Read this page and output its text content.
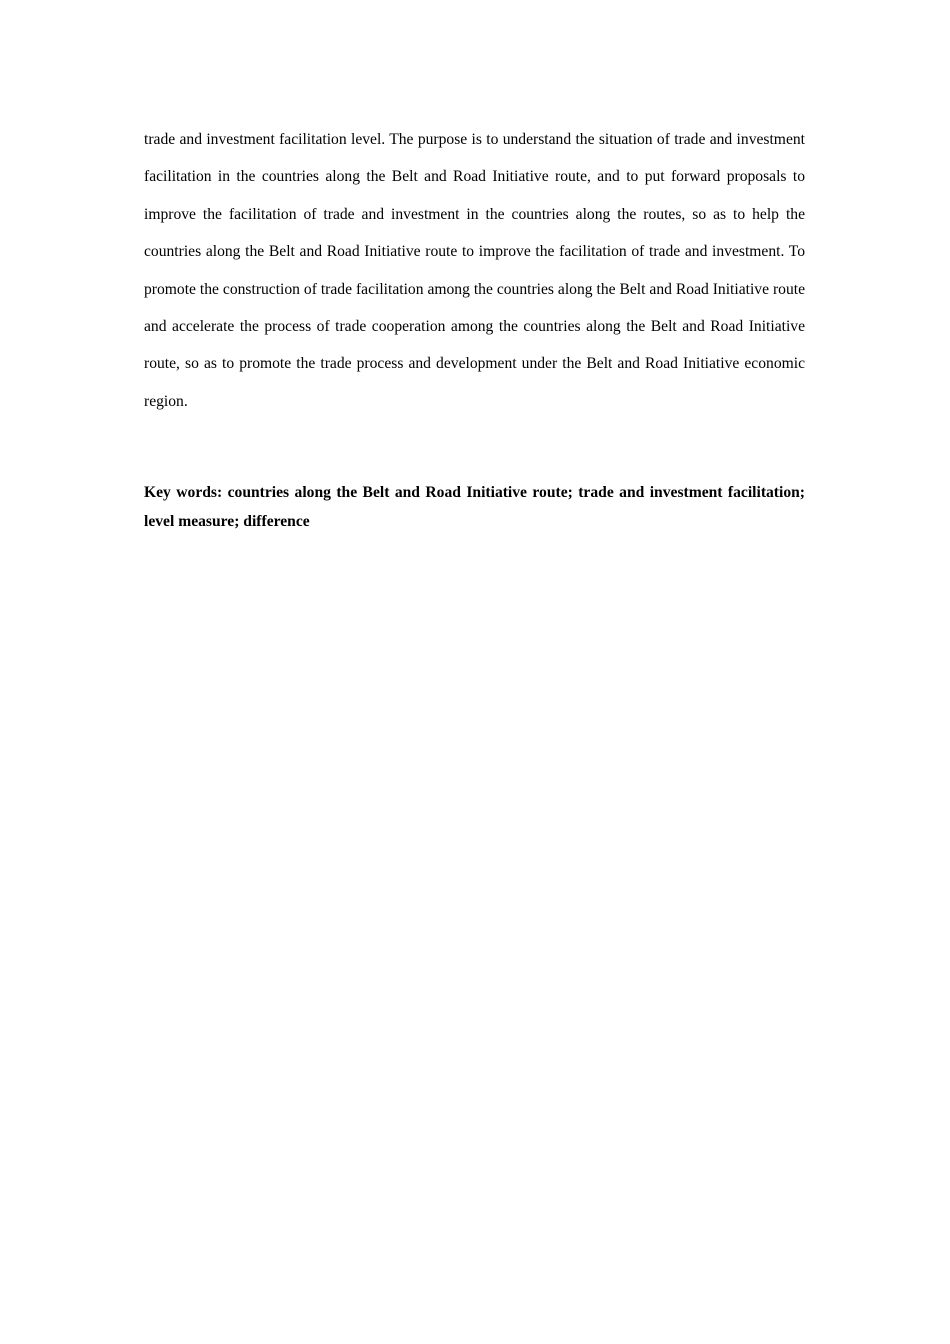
trade and investment facilitation level. The purpose is to understand the situation of trade and investment facilitation in the countries along the Belt and Road Initiative route, and to put forward proposals to improve the facilitation of trade and investment in the countries along the routes, so as to help the countries along the Belt and Road Initiative route to improve the facilitation of trade and investment. To promote the construction of trade facilitation among the countries along the Belt and Road Initiative route and accelerate the process of trade cooperation among the countries along the Belt and Road Initiative route, so as to promote the trade process and development under the Belt and Road Initiative economic region.

Key words: countries along the Belt and Road Initiative route; trade and investment facilitation; level measure; difference
